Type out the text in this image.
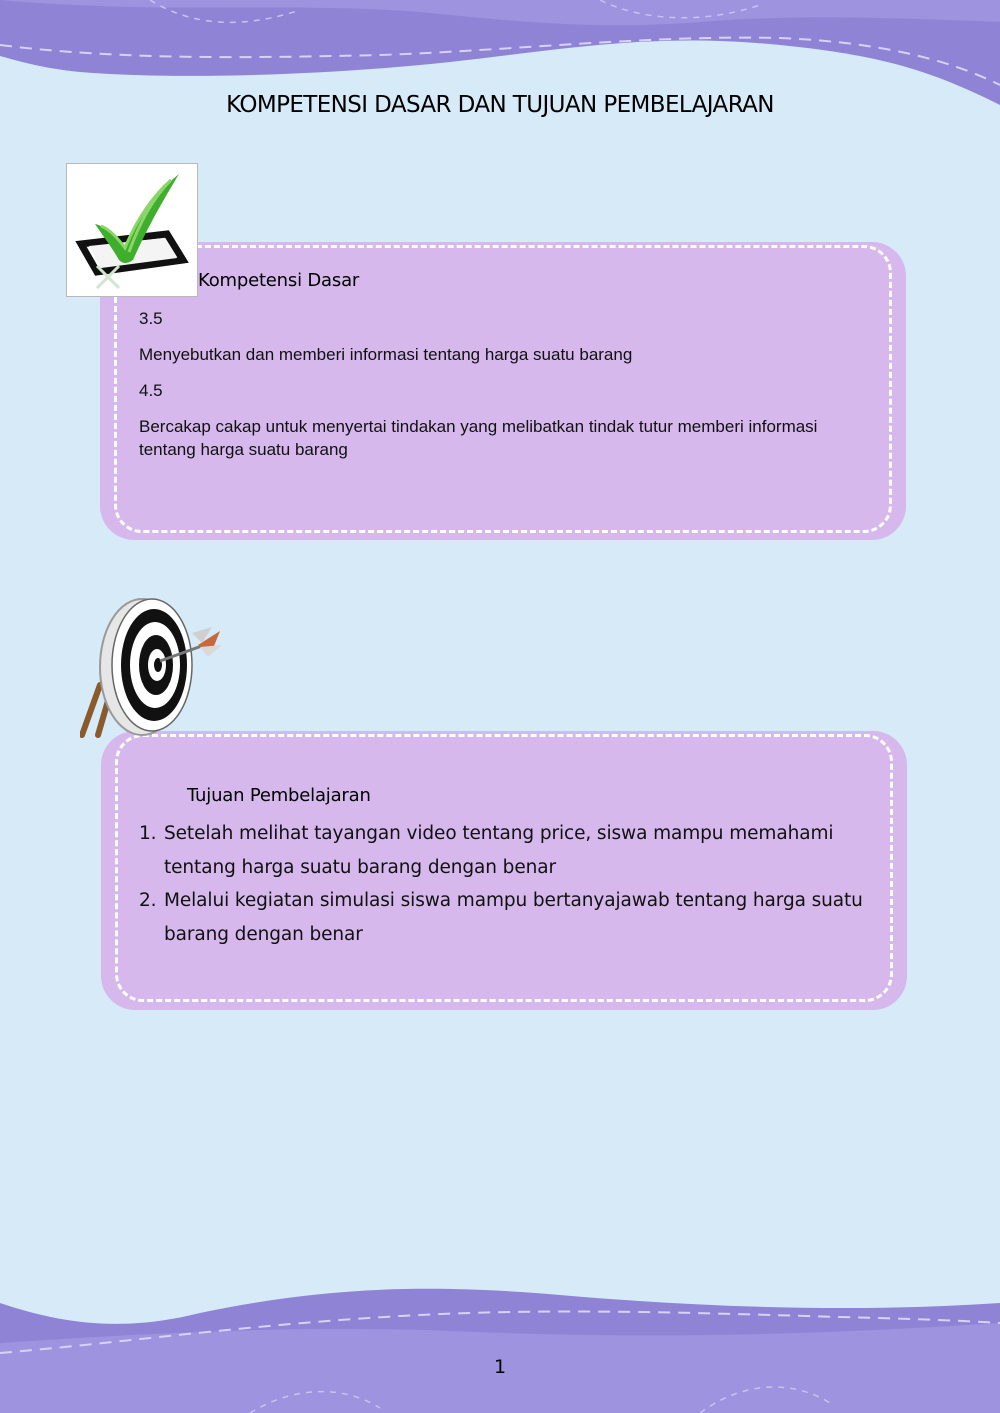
KOMPETENSI DASAR DAN TUJUAN PEMBELAJARAN
Kompetensi Dasar
3.5
Menyebutkan dan memberi informasi tentang harga suatu barang
4.5
Bercakap cakap untuk menyertai tindakan yang melibatkan tindak tutur memberi informasi tentang harga suatu barang
Tujuan Pembelajaran
1. Setelah melihat tayangan video tentang price, siswa mampu memahami tentang harga suatu barang dengan benar
2. Melalui kegiatan simulasi siswa mampu bertanyajawab tentang harga suatu barang dengan benar
1
